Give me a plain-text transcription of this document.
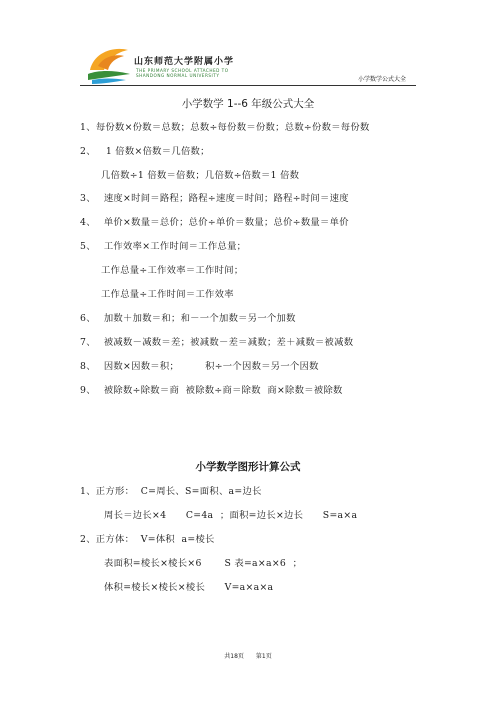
山东师范大学附属小学
THE PRIMARY SCHOOL ATTACHED TO
SHANDONG NORMAL UNIVERSITY
小学数学公式大全
小学数学 1--6 年级公式大全
1、每份数×份数＝总数；总数÷每份数＝份数；总数÷份数＝每份数
2、 1 倍数×倍数＝几倍数；
几倍数÷1 倍数＝倍数；几倍数÷倍数＝1 倍数
3、 速度×时间＝路程；路程÷速度＝时间；路程÷时间＝速度
4、 单价×数量＝总价；总价÷单价＝数量；总价÷数量＝单价
5、 工作效率×工作时间＝工作总量；
工作总量÷工作效率＝工作时间；
工作总量÷工作时间＝工作效率
6、 加数＋加数＝和；和－一个加数＝另一个加数
7、 被减数－减数＝差；被减数－差＝减数；差＋减数＝被减数
8、 因数×因数＝积；        积÷一个因数＝另一个因数
9、 被除数÷除数＝商  被除数÷商＝除数  商×除数＝被除数
小学数学图形计算公式
1、正方形：  C=周长、S=面积、a=边长
周长＝边长×4      C=4a  ；面积=边长×边长      S=a×a
2、正方体：  V=体积  a=棱长
表面积=棱长×棱长×6       S 表=a×a×6  ；
体积=棱长×棱长×棱长      V=a×a×a
共18页 第1页
